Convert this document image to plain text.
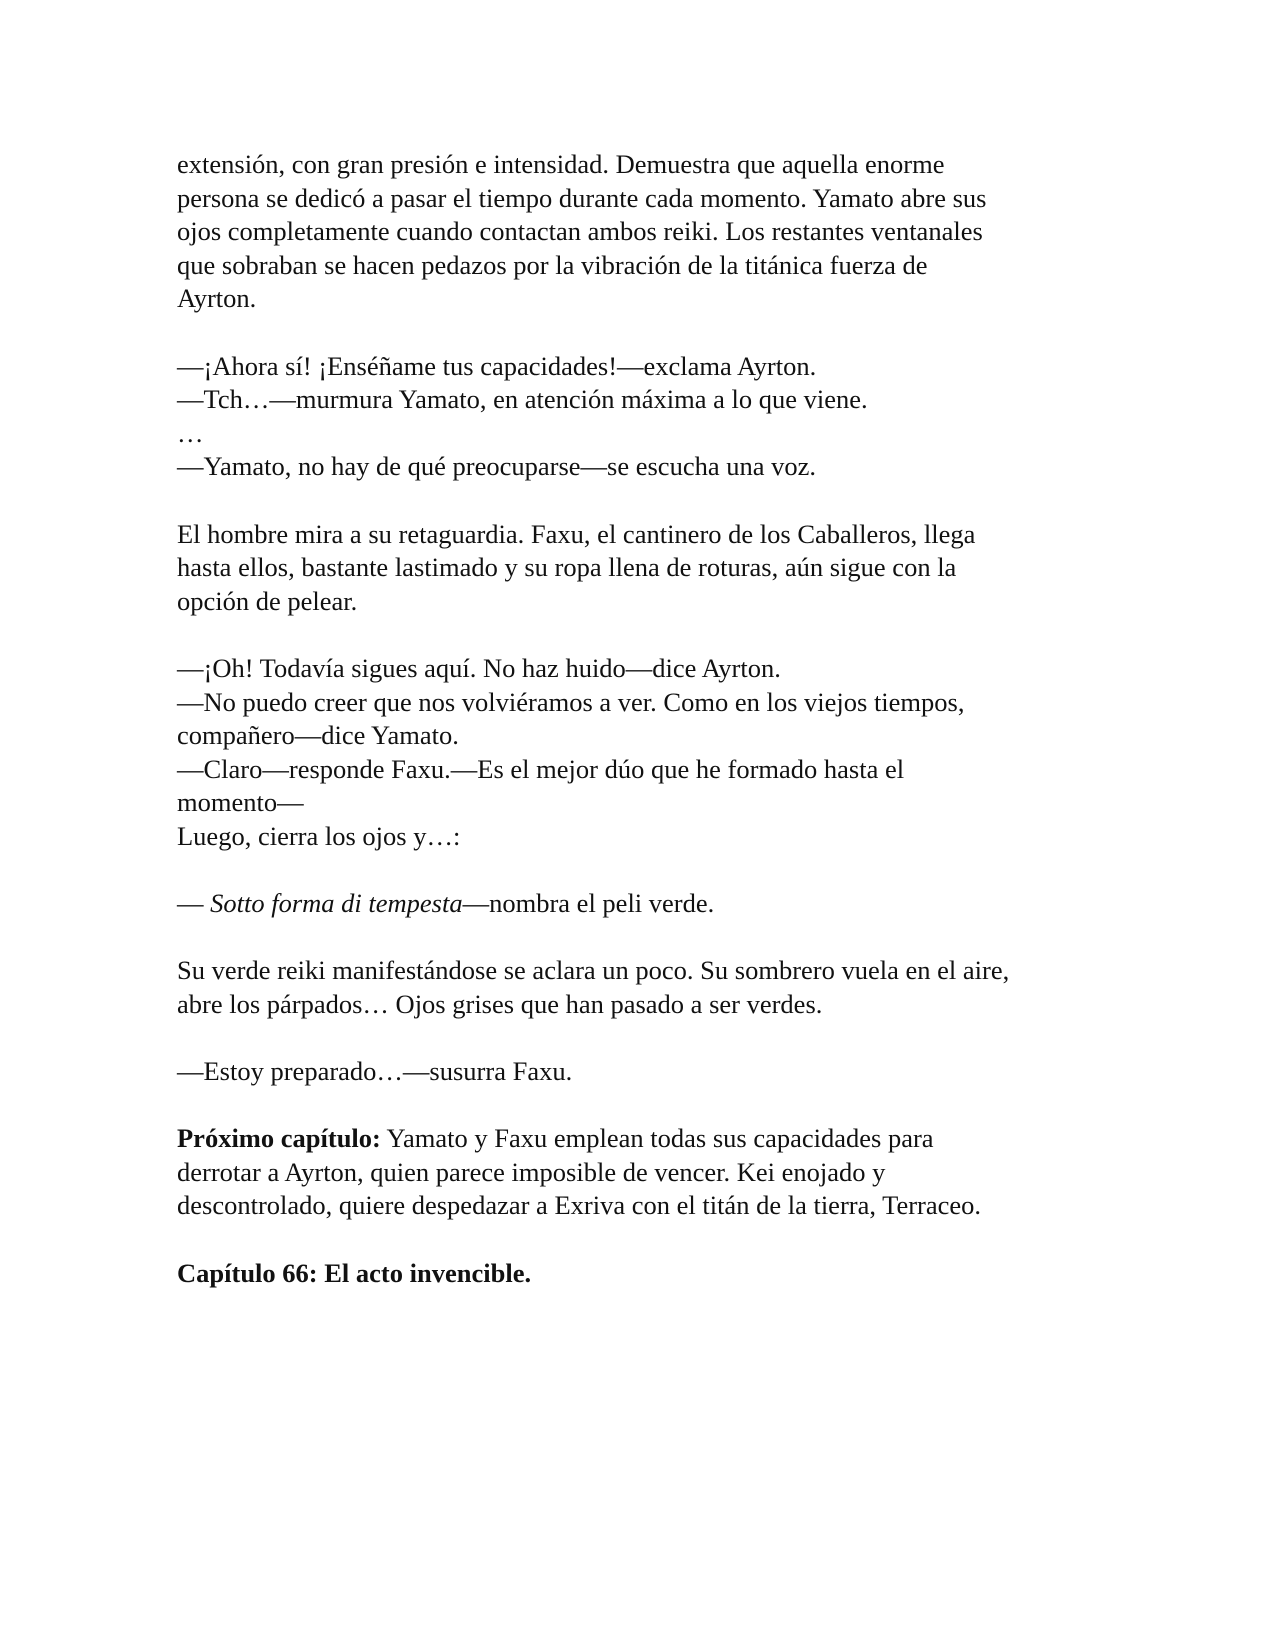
extensión, con gran presión e intensidad. Demuestra que aquella enorme
persona se dedicó a pasar el tiempo durante cada momento. Yamato abre sus
ojos completamente cuando contactan ambos reiki. Los restantes ventanales
que sobraban se hacen pedazos por la vibración de la titánica fuerza de
Ayrton.
—¡Ahora sí! ¡Enséñame tus capacidades!—exclama Ayrton.
—Tch…—murmura Yamato, en atención máxima a lo que viene.
…
—Yamato, no hay de qué preocuparse—se escucha una voz.
El hombre mira a su retaguardia. Faxu, el cantinero de los Caballeros, llega
hasta ellos, bastante lastimado y su ropa llena de roturas, aún sigue con la
opción de pelear.
—¡Oh! Todavía sigues aquí. No haz huido—dice Ayrton.
—No puedo creer que nos volviéramos a ver. Como en los viejos tiempos,
compañero—dice Yamato.
—Claro—responde Faxu.—Es el mejor dúo que he formado hasta el
momento—
Luego, cierra los ojos y…:
— Sotto forma di tempesta—nombra el peli verde.
Su verde reiki manifestándose se aclara un poco. Su sombrero vuela en el aire,
abre los párpados… Ojos grises que han pasado a ser verdes.
—Estoy preparado…—susurra Faxu.
Próximo capítulo: Yamato y Faxu emplean todas sus capacidades para
derrotar a Ayrton, quien parece imposible de vencer. Kei enojado y
descontrolado, quiere despedazar a Exriva con el titán de la tierra, Terraceo.
Capítulo 66: El acto invencible.
